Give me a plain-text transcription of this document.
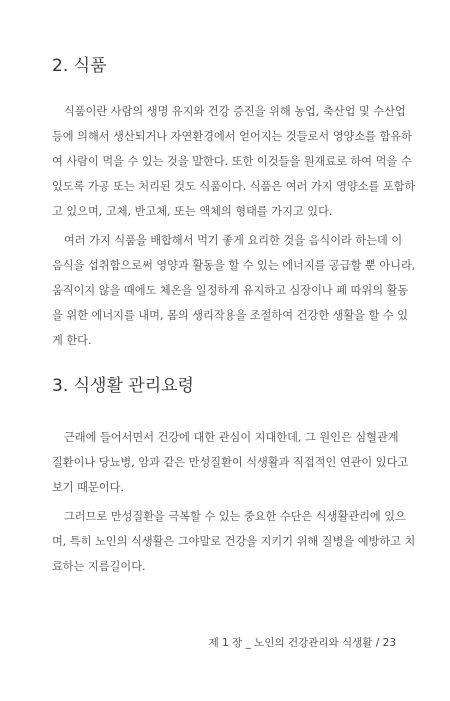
2. 식품
식품이란 사람의 생명 유지와 건강 증진을 위해 농업, 축산업 및 수산업
등에 의해서 생산되거나 자연환경에서 얻어지는 것들로서 영양소를 함유하
여 사람이 먹을 수 있는 것을 말한다. 또한 이것들을 원재료로 하여 먹을 수
있도록 가공 또는 처리된 것도 식품이다. 식품은 여러 가지 영양소를 포함하
고 있으며, 고체, 반고체, 또는 액체의 형태를 가지고 있다.
여러 가지 식품을 배합해서 먹기 좋게 요리한 것을 음식이라 하는데 이
음식을 섭취함으로써 영양과 활동을 할 수 있는 에너지를 공급할 뿐 아니라,
움직이지 않을 때에도 체온을 일정하게 유지하고 심장이나 폐 따위의 활동
을 위한 에너지를 내며, 몸의 생리작용을 조절하여 건강한 생활을 할 수 있
게 한다.
3. 식생활 관리요령
근래에 들어서면서 건강에 대한 관심이 지대한데, 그 원인은 심혈관계
질환이나 당뇨병, 암과 같은 만성질환이 식생활과 직접적인 연관이 있다고
보기 때문이다.
그러므로 만성질환을 극복할 수 있는 중요한 수단은 식생활관리에 있으
며, 특히 노인의 식생활은 그야말로 건강을 지키기 위해 질병을 예방하고 치
료하는 지름길이다.
제 1 장 _ 노인의 건강관리와 식생활 / 23
